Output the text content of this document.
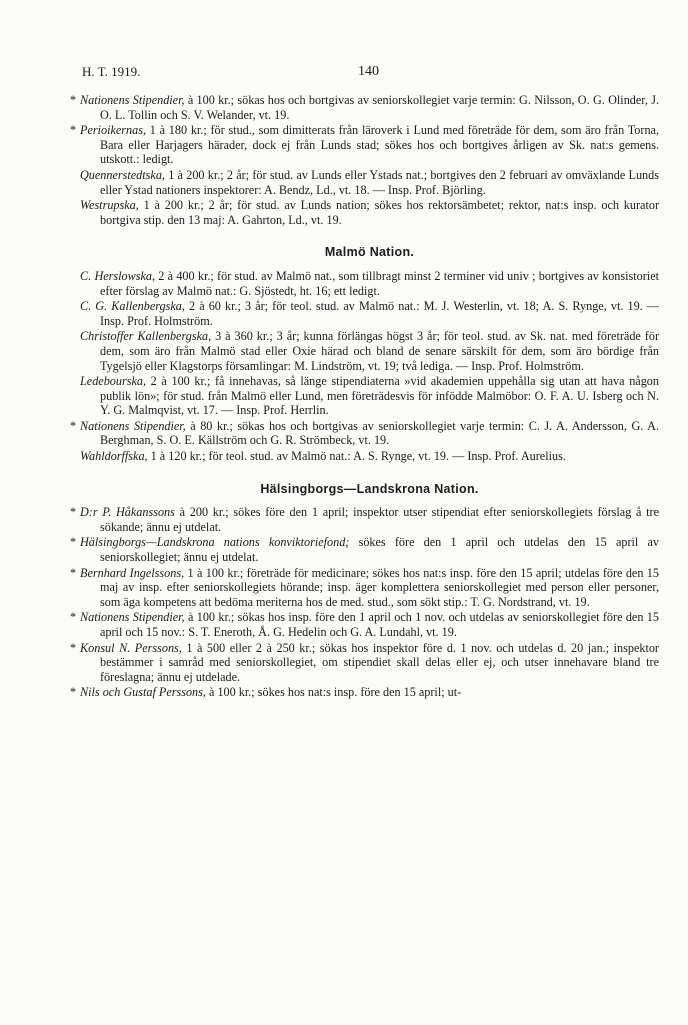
H. T. 1919.	140

* Nationens Stipendier, à 100 kr.; sökas hos och bortgivas av seniorskollegiet varje termin: G. Nilsson, O. G. Olinder, J. O. L. Tollin och S. V. Welander, vt. 19.

* Perioikernas, 1 à 180 kr.; för stud., som dimitterats från läroverk i Lund med företräde för dem, som äro från Torna, Bara eller Harjagers härader, dock ej från Lunds stad; sökes hos och bortgives årligen av Sk. nat:s gemens. utskott.: ledigt.

Quennerstedtska, 1 à 200 kr.; 2 år; för stud. av Lunds eller Ystads nat.; bortgives den 2 februari av omväxlande Lunds eller Ystad nationers inspektorer: A. Bendz, Ld., vt. 18. — Insp. Prof. Björling.

Westrupska, 1 à 200 kr.; 2 år; för stud. av Lunds nation; sökes hos rektorsämbetet; rektor, nat:s insp. och kurator bortgiva stip. den 13 maj: A. Gahrton, Ld., vt. 19.

Malmö Nation.

C. Herslowska, 2 à 400 kr.; för stud. av Malmö nat., som tillbragt minst 2 terminer vid univ ; bortgives av konsistoriet efter förslag av Malmö nat.: G. Sjöstedt, ht. 16; ett ledigt.

C. G. Kallenbergska, 2 à 60 kr.; 3 år; för teol. stud. av Malmö nat.: M. J. Westerlin, vt. 18; A. S. Rynge, vt. 19. — Insp. Prof. Holmström.

Christoffer Kallenbergska, 3 à 360 kr.; 3 år; kunna förlängas högst 3 år; för teol. stud. av Sk. nat. med företräde för dem, som äro från Malmö stad eller Oxie härad och bland de senare särskilt för dem, som äro bördige från Tygelsjö eller Klagstorps församlingar: M. Lindström, vt. 19; två lediga. — Insp. Prof. Holmström.

Ledebourska, 2 à 100 kr.; få innehavas, så länge stipendiaterna »vid akademien uppehålla sig utan att hava någon publik lön»; för stud. från Malmö eller Lund, men företrädesvis för infödde Malmöbor: O. F. A. U. Isberg och N. Y. G. Malmqvist, vt. 17. — Insp. Prof. Herrlin.

* Nationens Stipendier, à 80 kr.; sökas hos och bortgivas av seniorskollegiet varje termin: C. J. A. Andersson, G. A. Berghman, S. O. E. Källström och G. R. Strömbeck, vt. 19.

Wahldorffska, 1 à 120 kr.; för teol. stud. av Malmö nat.: A. S. Rynge, vt. 19. — Insp. Prof. Aurelius.

Hälsingborgs—Landskrona Nation.

* D:r P. Håkanssons à 200 kr.; sökes före den 1 april; inspektor utser stipendiat efter seniorskollegiets förslag å tre sökande; ännu ej utdelat.

* Hälsingborgs—Landskrona nations konviktoriefond; sökes före den 1 april och utdelas den 15 april av seniorskollegiet; ännu ej utdelat.

* Bernhard Ingelssons, 1 à 100 kr.; företräde för medicinare; sökes hos nat:s insp. före den 15 april; utdelas före den 15 maj av insp. efter seniorskollegiets hörande; insp. äger komplettera seniorskollegiet med person eller personer, som äga kompetens att bedöma meriterna hos de med. stud., som sökt stip.: T. G. Nordstrand, vt. 19.

* Nationens Stipendier, à 100 kr.; sökas hos insp. före den 1 april och 1 nov. och utdelas av seniorskollegiet före den 15 april och 15 nov.: S. T. Eneroth, Å. G. Hedelin och G. A. Lundahl, vt. 19.

* Konsul N. Perssons, 1 à 500 eller 2 à 250 kr.; sökas hos inspektor före d. 1 nov. och utdelas d. 20 jan.; inspektor bestämmer i samråd med seniorskollegiet, om stipendiet skall delas eller ej, och utser innehavare bland tre föreslagna; ännu ej utdelade.

* Nils och Gustaf Perssons, à 100 kr.; sökes hos nat:s insp. före den 15 april; ut-
